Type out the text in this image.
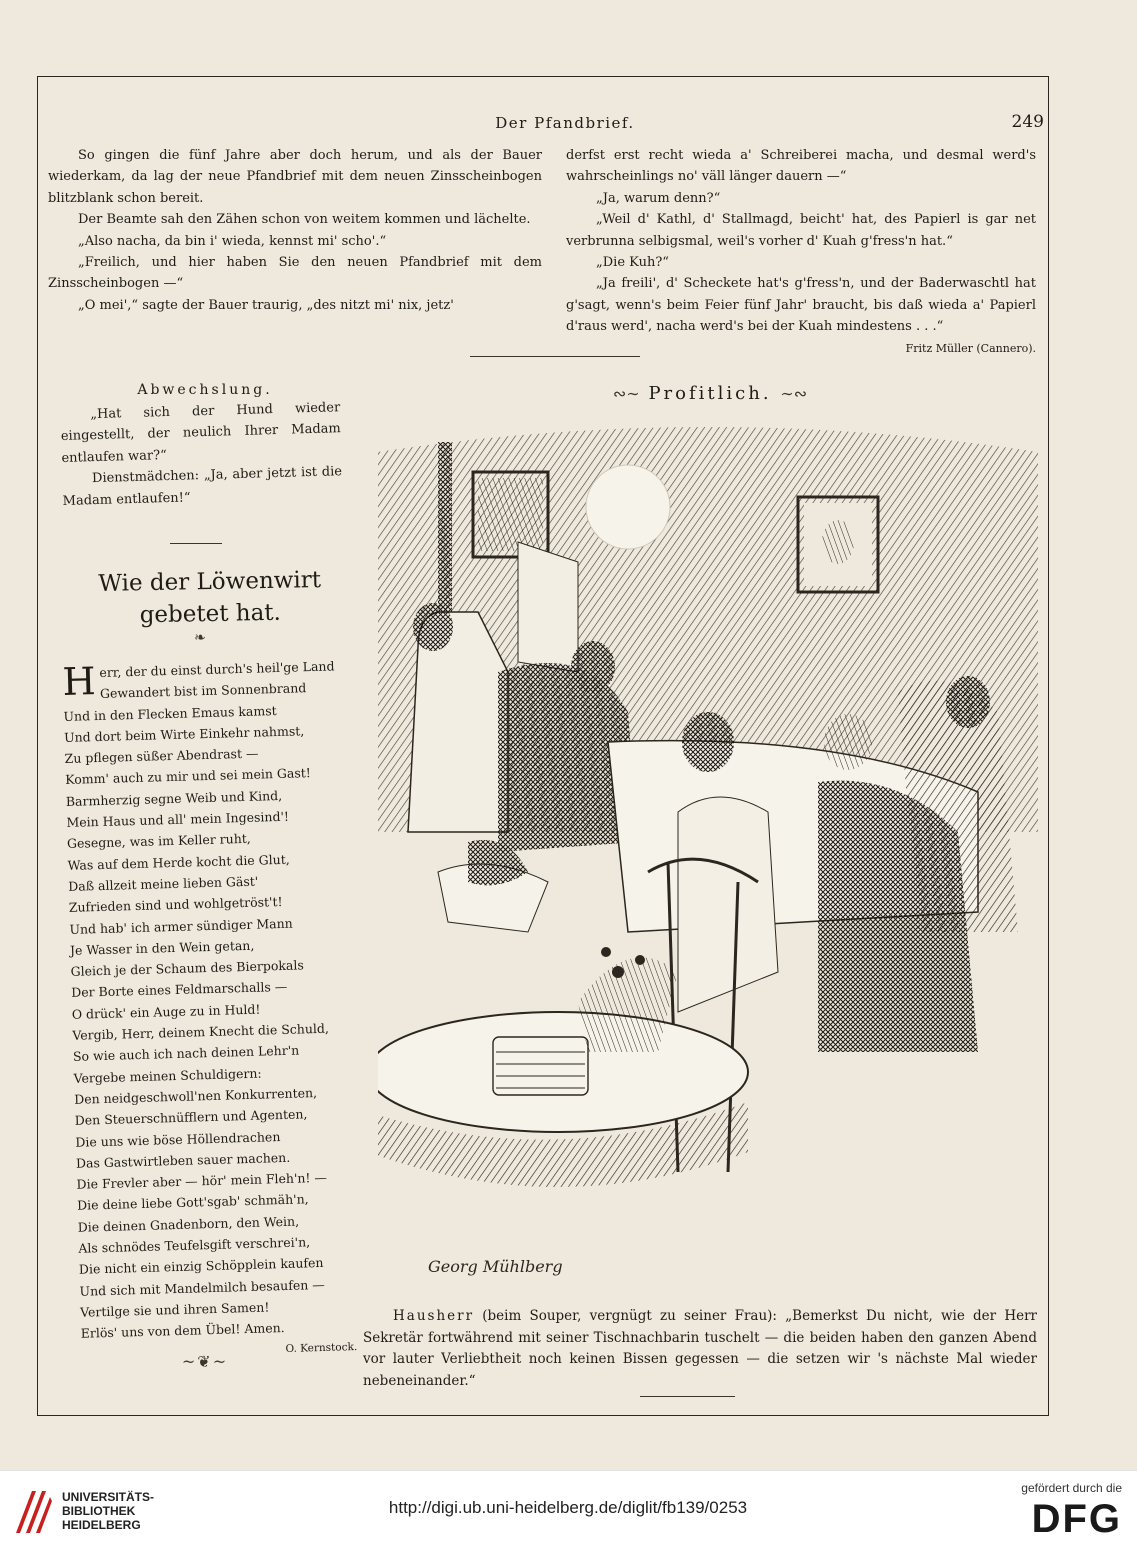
Der Pfandbrief.	249

So gingen die fünf Jahre aber doch herum, und als der Bauer wiederkam, da lag der neue Pfandbrief mit dem neuen Zinsscheinbogen blitzblank schon bereit.

Der Beamte sah den Zähen schon von weitem kommen und lächelte.

„Also nacha, da bin i' wieda, kennst mi' scho'.“

„Freilich, und hier haben Sie den neuen Pfandbrief mit dem Zinsscheinbogen —“

„O mei',“ sagte der Bauer traurig, „des nitzt mi' nix, jetz'

derfst erst recht wieda a' Schreiberei macha, und desmal werd's wahrscheinlings no' väll länger dauern —“

„Ja, warum denn?“

„Weil d' Kathl, d' Stallmagd, beicht' hat, des Papierl is gar net verbrunna selbigsmal, weil's vorher d' Kuah g'fress'n hat.“

„Die Kuh?“

„Ja freili', d' Scheckete hat's g'fress'n, und der Baderwaschtl hat g'sagt, wenn's beim Feier fünf Jahr' braucht, bis daß wieda a' Papierl d'raus werd', nacha werd's bei der Kuah mindestens . . .“

Fritz Müller (Cannero).

Abwechslung.

„Hat sich der Hund wieder eingestellt, der neulich Ihrer Madam entlaufen war?“

Dienstmädchen: „Ja, aber jetzt ist die Madam entlaufen!“

Wie der Löwenwirt
gebetet hat.
❧
H err, der du einst durch's heil'ge Land
Gewandert bist im Sonnenbrand
Und in den Flecken Emaus kamst
Und dort beim Wirte Einkehr nahmst,
Zu pflegen süßer Abendrast —
Komm' auch zu mir und sei mein Gast!
Barmherzig segne Weib und Kind,
Mein Haus und all' mein Ingesind'!
Gesegne, was im Keller ruht,
Was auf dem Herde kocht die Glut,
Daß allzeit meine lieben Gäst'
Zufrieden sind und wohlgetröst't!
Und hab' ich armer sündiger Mann
Je Wasser in den Wein getan,
Gleich je der Schaum des Bierpokals
Der Borte eines Feldmarschalls —
O drück' ein Auge zu in Huld!
Vergib, Herr, deinem Knecht die Schuld,
So wie auch ich nach deinen Lehr'n
Vergebe meinen Schuldigern:
Den neidgeschwoll'nen Konkurrenten,
Den Steuerschnüfflern und Agenten,
Die uns wie böse Höllendrachen
Das Gastwirtleben sauer machen.
Die Frevler aber — hör' mein Fleh'n! —
Die deine liebe Gott'sgab' schmäh'n,
Die deinen Gnadenborn, den Wein,
Als schnödes Teufelsgift verschrei'n,
Die nicht ein einzig Schöpplein kaufen
Und sich mit Mandelmilch besaufen —
Vertilge sie und ihren Samen!
Erlös' uns von dem Übel! Amen.
O. Kernstock.
~❦~
∾∼ Profitlich. ∼∾
Georg Mühlberg
Hausherr (beim Souper, vergnügt zu seiner Frau): „Bemerkst Du nicht, wie der Herr Sekretär fortwährend mit seiner Tischnachbarin tuschelt — die beiden haben den ganzen Abend vor lauter Verliebtheit noch keinen Bissen gegessen — die setzen wir 's nächste Mal wieder nebeneinander.“
UNIVERSITÄTS-
BIBLIOTHEK
HEIDELBERG
http://digi.ub.uni-heidelberg.de/diglit/fb139/0253
gefördert durch die
DFG
